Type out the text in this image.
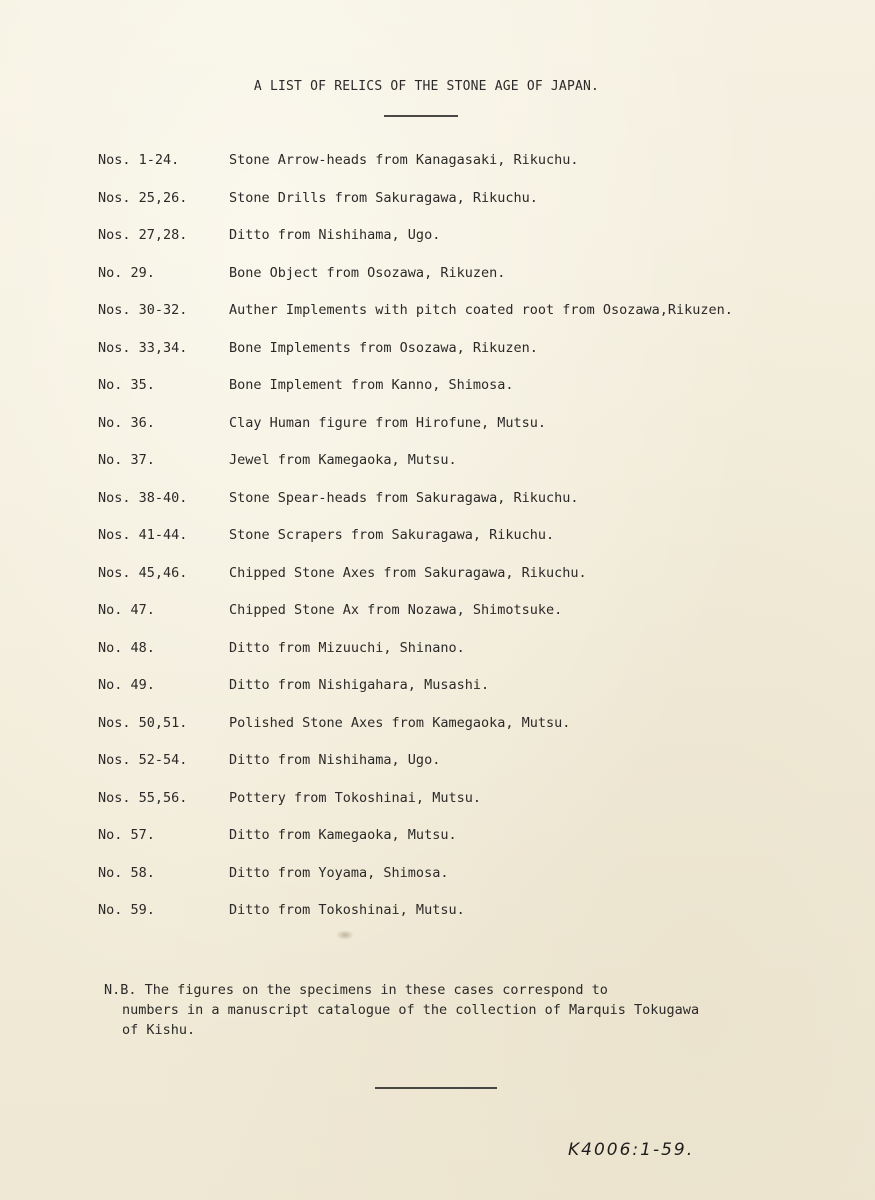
A LIST OF RELICS OF THE STONE AGE OF JAPAN.
Nos. 1-24.	Stone Arrow-heads from Kanagasaki, Rikuchu.
Nos. 25,26.	Stone Drills from Sakuragawa, Rikuchu.
Nos. 27,28.	Ditto from Nishihama, Ugo.
No. 29.	Bone Object from Osozawa, Rikuzen.
Nos. 30-32.	Auther Implements with pitch coated root from Osozawa,Rikuzen.
Nos. 33,34.	Bone Implements from Osozawa, Rikuzen.
No. 35.	Bone Implement from Kanno, Shimosa.
No. 36.	Clay Human figure from Hirofune, Mutsu.
No. 37.	Jewel from Kamegaoka, Mutsu.
Nos. 38-40.	Stone Spear-heads from Sakuragawa, Rikuchu.
Nos. 41-44.	Stone Scrapers from Sakuragawa, Rikuchu.
Nos. 45,46.	Chipped Stone Axes from Sakuragawa, Rikuchu.
No. 47.	Chipped Stone Ax from Nozawa, Shimotsuke.
No. 48.	Ditto from Mizuuchi, Shinano.
No. 49.	Ditto from Nishigahara, Musashi.
Nos. 50,51.	Polished Stone Axes from Kamegaoka, Mutsu.
Nos. 52-54.	Ditto from Nishihama, Ugo.
Nos. 55,56.	Pottery from Tokoshinai, Mutsu.
No. 57.	Ditto from Kamegaoka, Mutsu.
No. 58.	Ditto from Yoyama, Shimosa.
No. 59.	Ditto from Tokoshinai, Mutsu.
N.B. The figures on the specimens in these cases correspond to
numbers in a manuscript catalogue of the collection of Marquis Tokugawa
of Kishu.
K4006:1-59.
